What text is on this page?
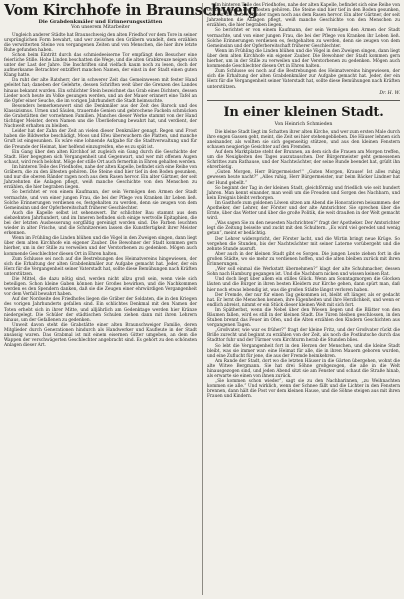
Vom Kirchhofe in Braunschweig

Die Grabdenkmäler und Erinnerungsstätten

Von unserem Mitarbeiter

Ungleich anderer Städte hat Braunschweig den alten Friedhof vor dem Tore in seiner ursprünglichen Form bewahrt, und wer zwischen den Gräbern wandelt, dem erzählen die verwitterten Steine von vergangenen Zeiten und von Menschen, die hier ihre letzte Ruhe gefunden haben.

Schon beim Eintritt durch das schmiedeeiserne Tor empfängt den Besucher eine feierliche Stille. Hohe Linden beschatten die Wege, und die alten Grabkreuze neigen sich unter der Last der Jahre. Die Inschriften sind vielfach kaum noch zu lesen, doch der aufmerksame Betrachter entziffert manchen Namen, der einst in der Stadt einen guten Klang hatte.

Da ruht der alte Ratsherr, der in schwerer Zeit das Gemeinwesen mit fester Hand geleitet hat; daneben der Gelehrte, dessen Schriften weit über die Grenzen des Landes hinaus bekannt wurden. Ein schlichter Stein bezeichnet das Grab eines Dichters, dessen Lieder noch heute im Volke gesungen werden, und an der Mauer erinnert eine Tafel an die Opfer einer Seuche, die im vorigen Jahrhundert die Stadt heimsuchte.

Besonders bemerkenswert sind die Denkmäler aus der Zeit des Barock und des Klassizismus. Urnen und Säulen, trauernde Genien und gebrochene Fackeln schmücken die Grabstätten der vornehmen Familien. Manches dieser Werke stammt von der Hand tüchtiger Meister, deren Namen uns die Überlieferung bewahrt hat, und verdient, der Nachwelt erhalten zu bleiben.

Leider hat der Zahn der Zeit an vielen dieser Denkmäler genagt. Regen und Frost haben die Bildwerke beschädigt, Moos und Efeu überwuchern die Platten, und manche Gruft ist eingesunken. Es wäre eine lohnende Aufgabe für die Stadtverwaltung und für die Freunde der Heimat, hier helfend einzugreifen, ehe es zu spät ist.

Ein Gang über den alten Kirchhof ist zugleich ein Gang durch die Geschichte der Stadt. Hier begegnen sich Vergangenheit und Gegenwart, und wer mit offenen Augen schaut, wird reich belohnt. Möge der stille Ort auch fernerhin in Ehren gehalten werden.

Im hinteren Teile des Friedhofes, nahe der alten Kapelle, befindet sich eine Reihe von Gräbern, die zu den ältesten gehören. Die Steine sind hier tief in den Boden gesunken, und nur die oberen Ränder ragen noch aus dem Rasen hervor. Ein alter Gärtner, der seit Jahrzehnten die Anlagen pflegt, weiß manche Geschichte von den Menschen zu erzählen, die hier begraben liegen.

So berichtet er von einem Kaufmann, der sein Vermögen den Armen der Stadt vermachte, und von einer jungen Frau, die bei der Pflege von Kranken ihr Leben ließ. Solche Erinnerungen verdienen es, festgehalten zu werden, denn sie zeugen von dem Gemeinsinn und der Opferbereitschaft früherer Geschlechter.

Auch die Kapelle selbst ist sehenswert. Ihr schlichter Bau stammt aus dem siebzehnten Jahrhundert, und im Inneren befinden sich einige wertvolle Epitaphien, die bei der letzten Ausbesserung sorgfältig gereinigt worden sind. Die Farben leuchten wieder in alter Frische, und die Schnitzereien lassen die Kunstfertigkeit ihrer Meister erkennen.

Wenn im Frühling die Linden blühen und die Vögel in den Zweigen singen, dann liegt über dem alten Kirchhofe ein eigener Zauber. Die Bewohner der Stadt kommen gern hierher, um in der Stille zu verweilen und der Verstorbenen zu gedenken. Mögen auch kommende Geschlechter diesen Ort in Ehren halten.

Zum Schlusse sei noch auf die Bestrebungen des Heimatvereins hingewiesen, der sich die Erhaltung der alten Grabdenkmäler zur Aufgabe gemacht hat. Jeder, der ein Herz für die Vergangenheit seiner Vaterstadt hat, sollte diese Bemühungen nach Kräften unterstützen.

Die Mittel, die dazu nötig sind, werden nicht allzu groß sein, wenn viele sich beteiligen. Schon kleine Gaben können hier Großes bewirken, und die Nachkommen werden es den Spendern danken, daß sie die Zeugen einer ehrwürdigen Vergangenheit vor dem Verfall bewahrt haben.

Auf der Nordseite des Friedhofes liegen die Gräber der Soldaten, die in den Kriegen des vorigen Jahrhunderts gefallen sind. Ein schlichtes Denkmal mit den Namen der Toten erhebt sich in ihrer Mitte, und alljährlich am Gedenktage werden hier Kränze niedergelegt. Die Schüler der städtischen Schulen ziehen dann mit ihren Lehrern hinaus, um der Gefallenen zu gedenken.

Unweit davon steht die Grabstätte einer alten Braunschweiger Familie, deren Mitglieder durch Generationen hindurch als Handwerker und Kaufleute in der Stadt ansässig waren. Das Grabmal ist mit einem eisernen Gitter umgeben, an dem die Wappen der verschwägerten Geschlechter angebracht sind. Es gehört zu den schönsten Anlagen dieser Art.

Im hinteren Teile des Friedhofes, nahe der alten Kapelle, befindet sich eine Reihe von Gräbern, die zu den ältesten gehören. Die Steine sind hier tief in den Boden gesunken, und nur die oberen Ränder ragen noch aus dem Rasen hervor. Ein alter Gärtner, der seit Jahrzehnten die Anlagen pflegt, weiß manche Geschichte von den Menschen zu erzählen, die hier begraben liegen.

So berichtet er von einem Kaufmann, der sein Vermögen den Armen der Stadt vermachte, und von einer jungen Frau, die bei der Pflege von Kranken ihr Leben ließ. Solche Erinnerungen verdienen es, festgehalten zu werden, denn sie zeugen von dem Gemeinsinn und der Opferbereitschaft früherer Geschlechter.

Wenn im Frühling die Linden blühen und die Vögel in den Zweigen singen, dann liegt über dem alten Kirchhofe ein eigener Zauber. Die Bewohner der Stadt kommen gern hierher, um in der Stille zu verweilen und der Verstorbenen zu gedenken. Mögen auch kommende Geschlechter diesen Ort in Ehren halten.

Zum Schlusse sei noch auf die Bestrebungen des Heimatvereins hingewiesen, der sich die Erhaltung der alten Grabdenkmäler zur Aufgabe gemacht hat. Jeder, der ein Herz für die Vergangenheit seiner Vaterstadt hat, sollte diese Bemühungen nach Kräften unterstützen.

Dr. H. W.

In einer kleinen Stadt.

Von Heinrich Schmieden

Die kleine Stadt liegt im Schatten ihrer alten Kirche, und wer zum ersten Male durch ihre engen Gassen geht, meint, die Zeit sei hier stehengeblieben. Die Häuser lehnen sich aneinander, als wollten sie sich gegenseitig stützen, und aus den kleinen Fenstern schauen neugierige Gesichter auf den Fremden.

Auf dem Marktplatze steht der Brunnen, an dem sich die Frauen am Morgen treffen, um die Neuigkeiten des Tages auszutauschen. Der Bürgermeister geht gemessenen Schrittes zum Rathause, und der Nachtwächter, der seine Runde beendet hat, grüßt ihn ehrerbietig.

„Guten Morgen, Herr Bürgermeister!“ „Guten Morgen, Krause! Ist alles ruhig gewesen heute nacht?“ „Alles ruhig, Herr Bürgermeister, nur beim Bäcker Lindner hat der Hund gebellt.“

So beginnt der Tag in der kleinen Stadt, gleichförmig und friedlich wie seit hundert Jahren. Man kennt einander, man weiß um die Freuden und Sorgen des Nachbarn, und kein Ereignis bleibt verborgen.

Im Gasthofe zum goldenen Löwen sitzen am Abend die Honoratioren beisammen: der Apotheker, der Lehrer, der Förster und der alte Amtsrichter. Sie sprechen über die Ernte, über das Wetter und über die große Politik, die weit draußen in der Welt gemacht wird.

„Was sagen Sie zu den neuesten Nachrichten?“ fragt der Apotheker. Der Amtsrichter legt die Zeitung beiseite und zuckt mit den Schultern. „Es wird viel geredet und wenig getan“, meint er bedächtig.

Der Lehrer widerspricht, der Förster lacht, und die Wirtin bringt neue Krüge. So vergehen die Stunden, bis der Nachtwächter mit seiner Laterne vorübergeht und die zehnte Stunde ausruft.

Aber auch in der kleinen Stadt gibt es Sorgen. Die jungen Leute ziehen fort in die großen Städte, wo sie mehr zu verdienen hoffen, und die alten bleiben zurück mit ihren Erinnerungen.

„Wer soll einmal die Werkstatt übernehmen?“ klagt der alte Schuhmacher, dessen Sohn nach Hamburg gegangen ist. Und die Nachbarn nicken und wissen keinen Rat.

Und doch liegt über allem ein stilles Glück. Wenn am Sonntagmorgen die Glocken läuten und die Bürger in ihren besten Kleidern zur Kirche gehen, dann spürt man, daß hier noch etwas lebendig ist, was die großen Städte längst verloren haben.

Der Fremde, der nur für einen Tag gekommen ist, bleibt oft länger, als er gedacht hat. Er lernt die Menschen kennen, ihre Eigenheiten und ihre Herzlichkeit, und wenn er endlich abreist, nimmt er ein Stück dieser kleinen Welt mit sich fort.

Im Spätherbst, wenn die Nebel über den Wiesen liegen und die Blätter von den Bäumen fallen, wird es still in der kleinen Stadt. Die Türen bleiben geschlossen, in den Stuben brennt das Feuer im Ofen, und die Alten erzählen den Kindern Geschichten aus vergangenen Tagen.

„Großvater, wie war es früher?“ fragt der kleine Fritz, und der Großvater rückt die Brille zurecht und beginnt zu erzählen von der Zeit, als noch die Postkutsche durch das Stadttor fuhr und der Türmer vom Kirchturm herab die Stunden blies.

So lebt die Vergangenheit fort in den Herzen der Menschen, und die kleine Stadt bleibt, was sie immer war: eine Heimat für alle, die in ihren Mauern geboren wurden, und eine Zuflucht für jene, die aus der Fremde heimkehren.

Am Rande der Stadt, dort wo die letzten Häuser in die Gärten übergehen, wohnt die alte Witwe Bergmann. Sie hat drei Söhne großgezogen, die alle in die Welt hinausgezogen sind, und jeden Abend sitzt sie am Fenster und schaut die Straße hinab, als erwarte sie einen von ihnen zurück.

„Sie kommen schon wieder“, sagt sie zu den Nachbarinnen, „zu Weihnachten kommen sie alle.“ Und wirklich, wenn der Schnee fällt und die Lichter in den Fenstern brennen, dann hält die Post vor dem kleinen Hause, und die Söhne steigen aus mit ihren Frauen und Kindern.
